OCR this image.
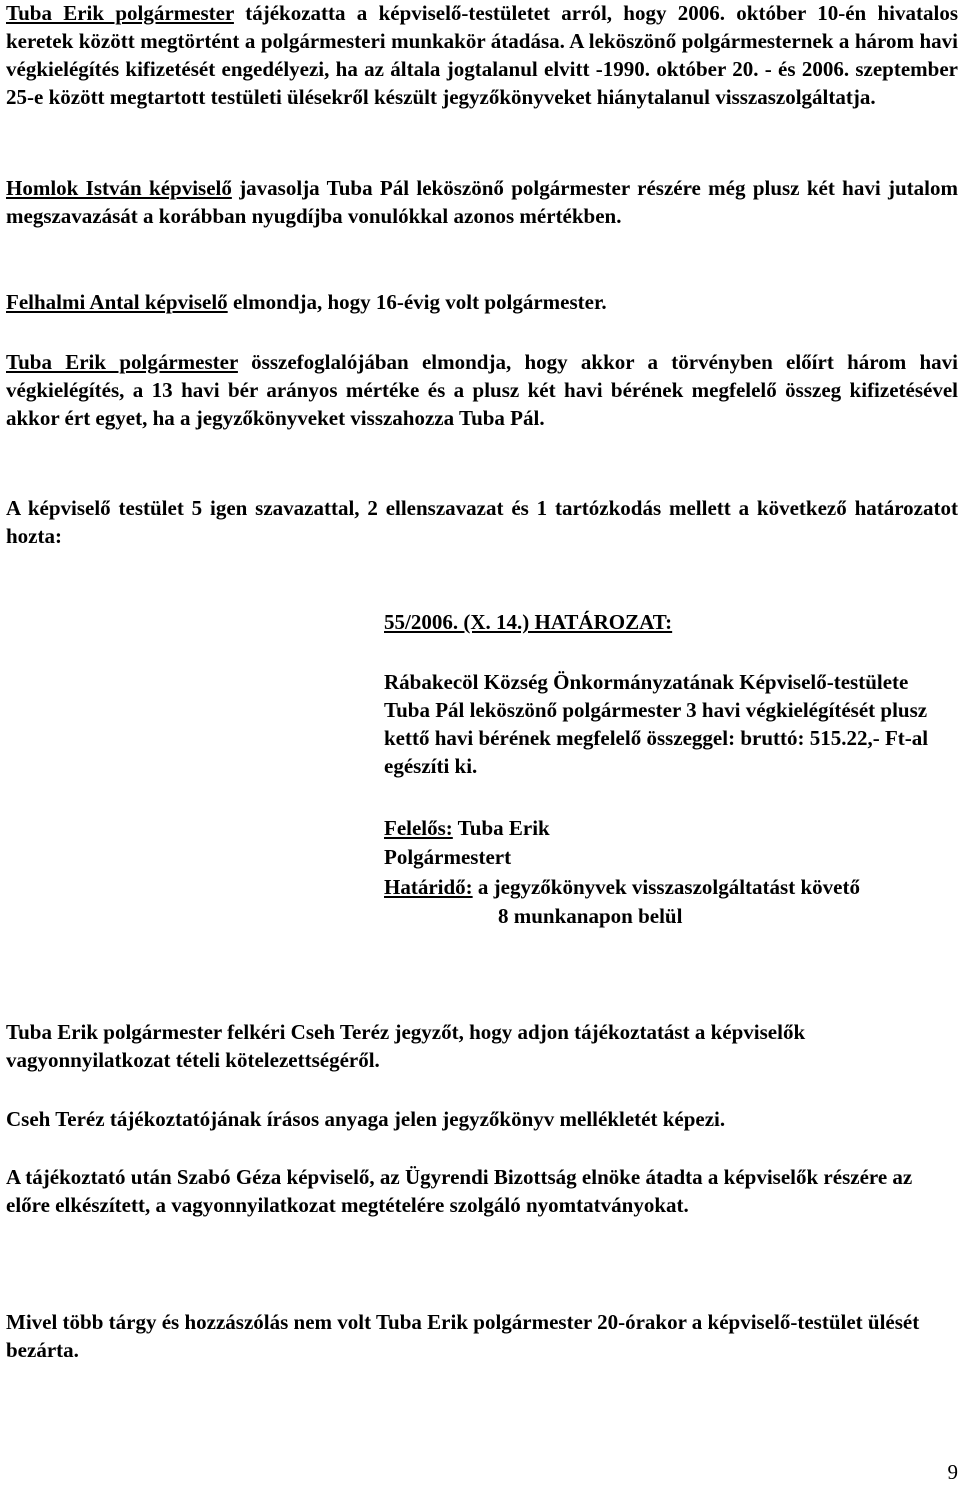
Tuba Erik polgármester tájékozatta a képviselő-testületet arról, hogy 2006. október 10-én hivatalos keretek között megtörtént a polgármesteri munkakör átadása. A leköszönő polgármesternek a három havi végkielégítés kifizetését engedélyezi, ha az általa jogtalanul elvitt -1990. október 20. - és 2006. szeptember 25-e között megtartott testületi ülésekről készült jegyzőkönyveket hiánytalanul visszaszolgáltatja.

Homlok István képviselő javasolja Tuba Pál leköszönő polgármester részére még plusz két havi jutalom megszavazását a korábban nyugdíjba vonulókkal azonos mértékben.

Felhalmi Antal képviselő elmondja, hogy 16-évig volt polgármester.

Tuba Erik polgármester összefoglalójában elmondja, hogy akkor a törvényben előírt három havi végkielégítés, a 13 havi bér arányos mértéke és a plusz két havi bérének megfelelő összeg kifizetésével akkor ért egyet, ha a jegyzőkönyveket visszahozza Tuba Pál.

A képviselő testület 5 igen szavazattal, 2 ellenszavazat és 1 tartózkodás mellett a következő határozatot hozta:

55/2006. (X. 14.) HATÁROZAT:
Rábakecöl Község Önkormányzatának Képviselő-testülete Tuba Pál leköszönő polgármester 3 havi végkielégítését plusz kettő havi bérének megfelelő összeggel: bruttó: 515.22,- Ft-al egészíti ki.
Felelős: Tuba Erik
Polgármestert
Határidő: a jegyzőkönyvek visszaszolgáltatást követő
8 munkanapon belül

Tuba Erik polgármester felkéri Cseh Teréz jegyzőt, hogy adjon tájékoztatást a képviselők vagyonnyilatkozat tételi kötelezettségéről.

Cseh Teréz tájékoztatójának írásos anyaga jelen jegyzőkönyv mellékletét képezi.

A tájékoztató után Szabó Géza képviselő, az Ügyrendi Bizottság elnöke átadta a képviselők részére az előre elkészített, a vagyonnyilatkozat megtételére szolgáló nyomtatványokat.

Mivel több tárgy és hozzászólás nem volt Tuba Erik polgármester 20-órakor a képviselő-testület ülését bezárta.

9
